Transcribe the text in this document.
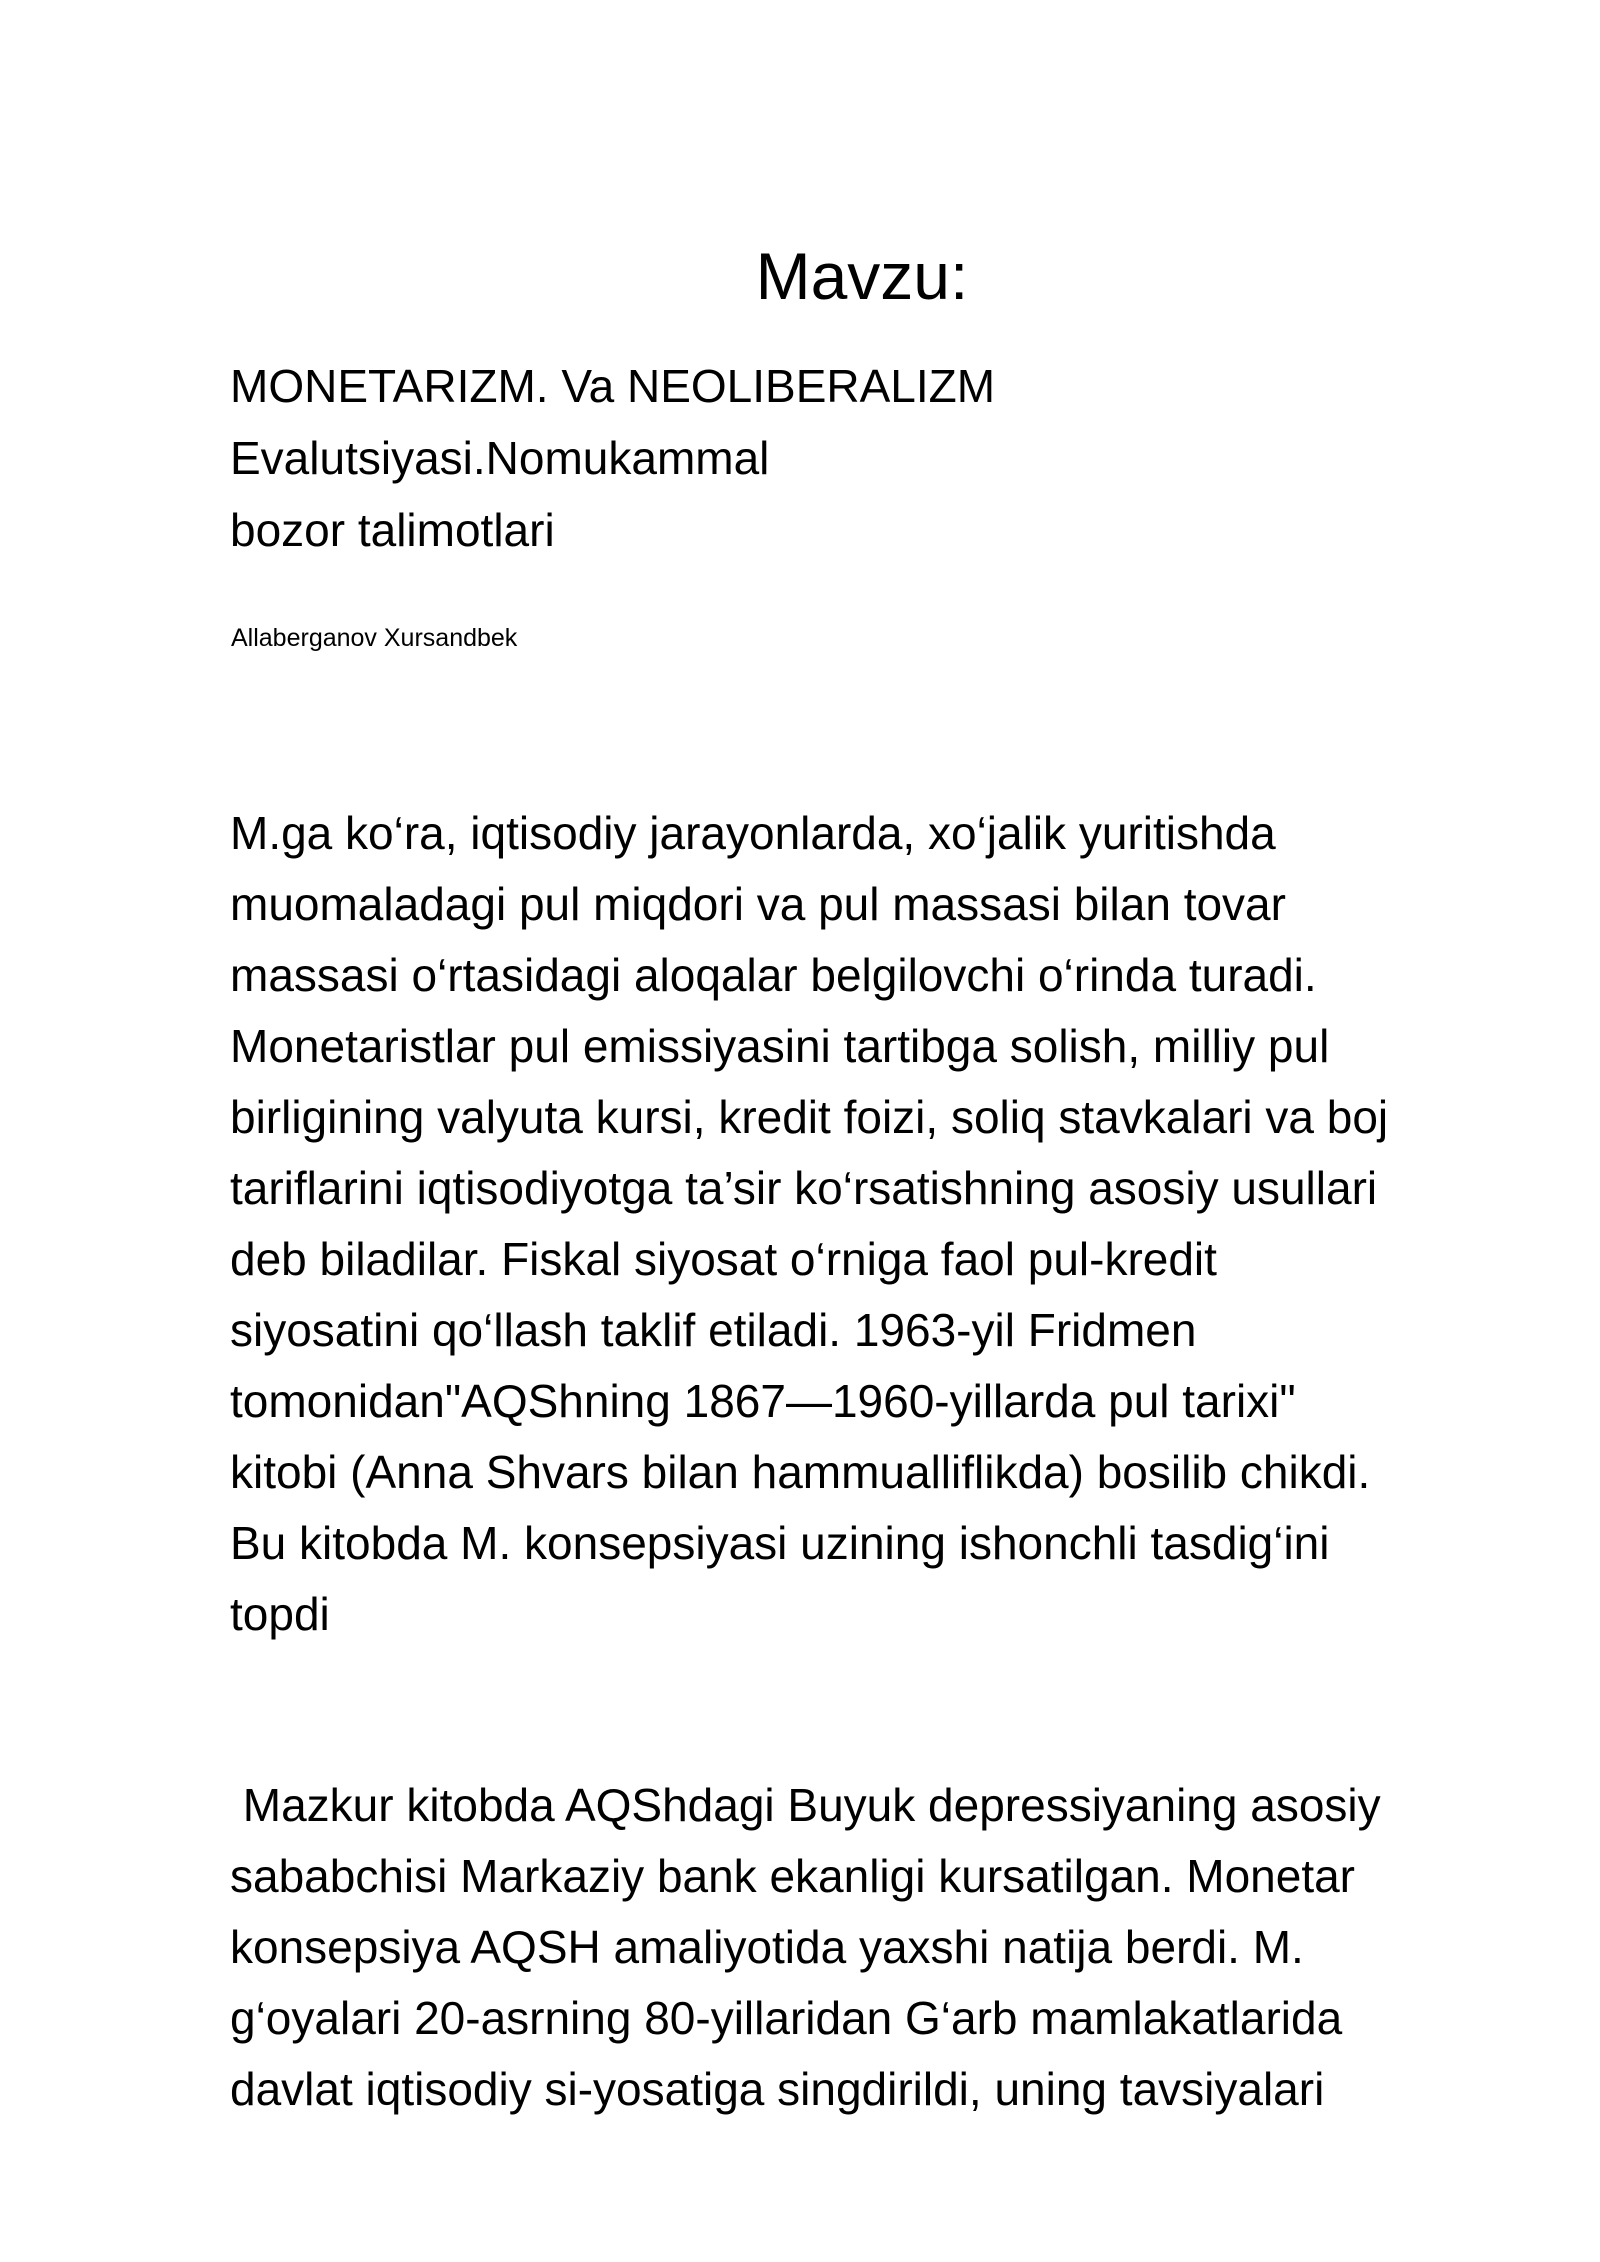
Mavzu:
MONETARIZM. Va NEOLIBERALIZM
Evalutsiyasi.Nomukammal
bozor talimotlari
Allaberganov Xursandbek
M.ga ko‘ra, iqtisodiy jarayonlarda, xo‘jalik yuritishda
muomaladagi pul miqdori va pul massasi bilan tovar
massasi o‘rtasidagi aloqalar belgilovchi o‘rinda turadi.
Monetaristlar pul emissiyasini tartibga solish, milliy pul
birligining valyuta kursi, kredit foizi, soliq stavkalari va boj
tariflarini iqtisodiyotga ta’sir ko‘rsatishning asosiy usullari
deb biladilar. Fiskal siyosat o‘rniga faol pul-kredit
siyosatini qo‘llash taklif etiladi. 1963-yil Fridmen
tomonidan"AQShning 1867—1960-yillarda pul tarixi"
kitobi (Anna Shvars bilan hammualliflikda) bosilib chikdi.
Bu kitobda M. konsepsiyasi uzining ishonchli tasdig‘ini
topdi
Mazkur kitobda AQShdagi Buyuk depressiyaning asosiy
sababchisi Markaziy bank ekanligi kursatilgan. Monetar
konsepsiya AQSH amaliyotida yaxshi natija berdi. M.
g‘oyalari 20-asrning 80-yillaridan G‘arb mamlakatlarida
davlat iqtisodiy si-yosatiga singdirildi, uning tavsiyalari
